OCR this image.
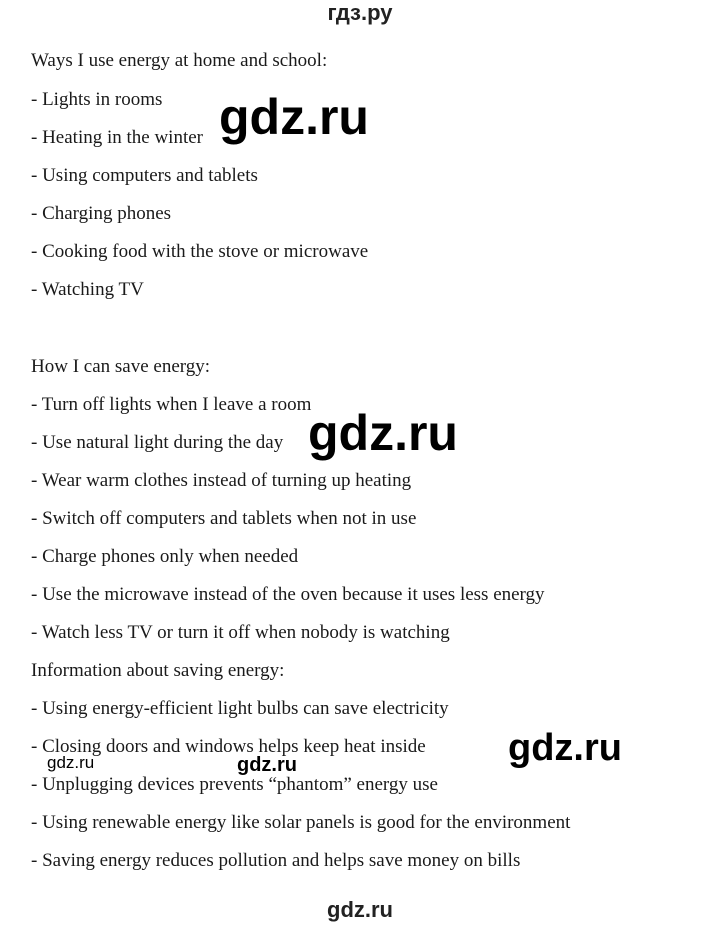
гдз.ру
Ways I use energy at home and school:
- Lights in rooms
- Heating in the winter
- Using computers and tablets
- Charging phones
- Cooking food with the stove or microwave
- Watching TV
How I can save energy:
- Turn off lights when I leave a room
- Use natural light during the day
- Wear warm clothes instead of turning up heating
- Switch off computers and tablets when not in use
- Charge phones only when needed
- Use the microwave instead of the oven because it uses less energy
- Watch less TV or turn it off when nobody is watching
Information about saving energy:
- Using energy-efficient light bulbs can save electricity
- Closing doors and windows helps keep heat inside
- Unplugging devices prevents “phantom” energy use
- Using renewable energy like solar panels is good for the environment
- Saving energy reduces pollution and helps save money on bills
gdz.ru
gdz.ru
gdz.ru
gdz.ru
gdz.ru
gdz.ru
